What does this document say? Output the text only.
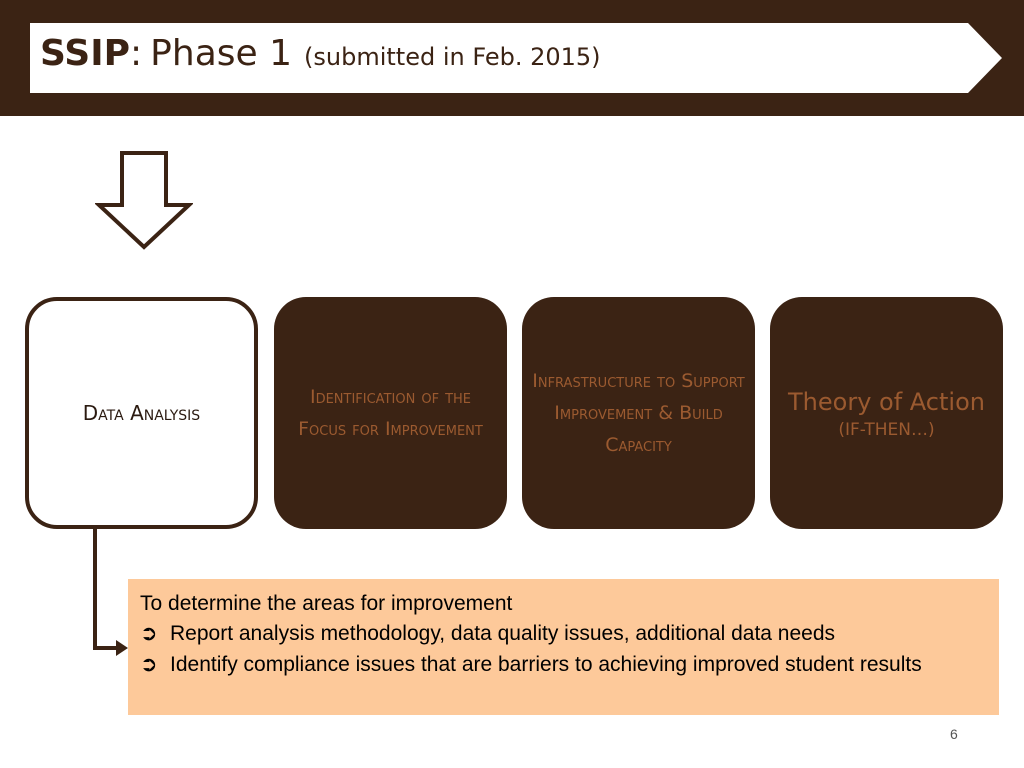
SSIP: Phase 1 (submitted in Feb. 2015)
Data Analysis
Identification of the Focus for Improvement
Infrastructure to Support Improvement & Build Capacity
Theory of Action
(IF-THEN…)

To determine the areas for improvement

➲ Report analysis methodology, data quality issues, additional data needs
➲ Identify compliance issues that are barriers to achieving improved student results
6
